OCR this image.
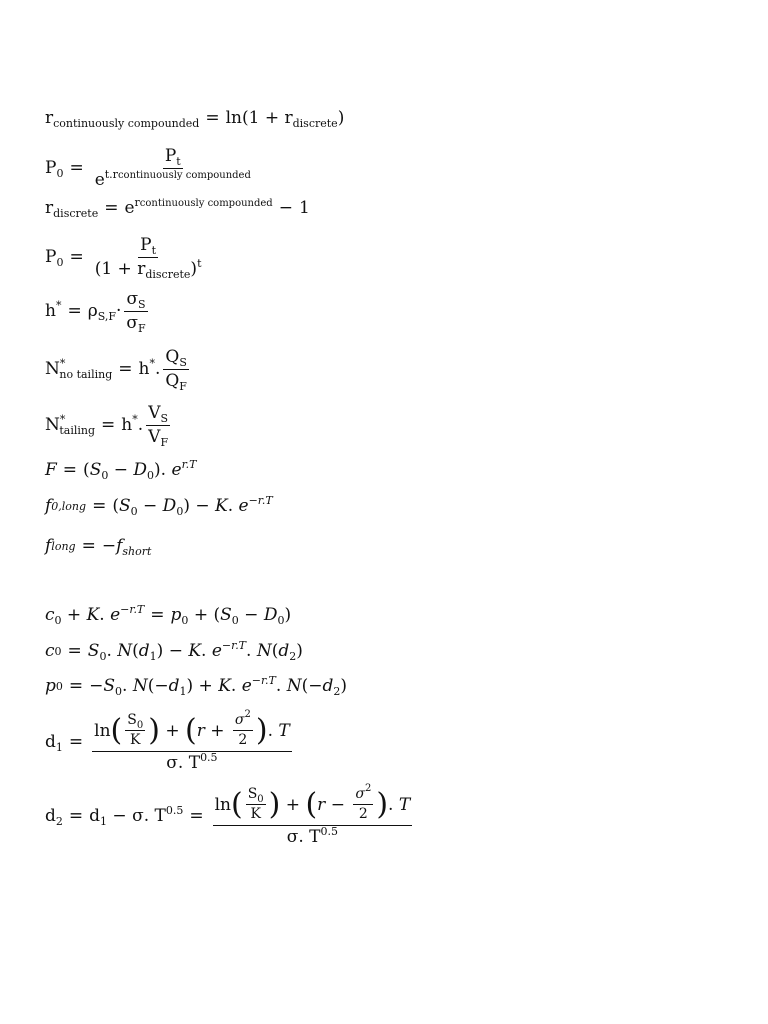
$r_{continuously compounded} = \ln(1 + r_{discrete})$
$P_0 = \frac{P_t}{e^{t.rcontinuously compounded}}$
$r_{discrete} = e^{rcontinuously compounded} - 1$
$P_0 = \frac{P_t}{(1 + r_{discrete})^t}$
$h^* = \rho_{S,F}\cdot \frac{\sigma_S}{\sigma_F}$
$N^*_{no tailing} = h^*$. $\frac{Q_S}{Q_F}$
$N^*_{tailing} = h^*$. $\frac{V_S}{V_F}$
$F = (S_0 - D_0)$. $e^{r.T}$
f 0,long = $(S_0 - D_0) - K$. $e^{-r.T}$
f long = $-f_{short}$
$c_0 + K$. $e^{-r.T} = p_0 + (S_0 - D_0)$
c $0 = S_0$. $N(d_1) - K$. $e^{-r.T}$. $N(d_2)$
p $0 = -S_0$. $N(-d_1) + K$. $e^{-r.T}$. $N(-d_2)$
$d_1$ =
ln ( $\frac{S_0}{K}$ ) + ( $r + \frac{\sigma^2}{2}$ ) . T
σ. $T^{0.5}$
$d_2 = d_1 - \sigma$. $T^{0.5}$ =
ln ( $\frac{S_0}{K}$ ) + ( $r - \frac{\sigma^2}{2}$ ) . T
σ. $T^{0.5}$
